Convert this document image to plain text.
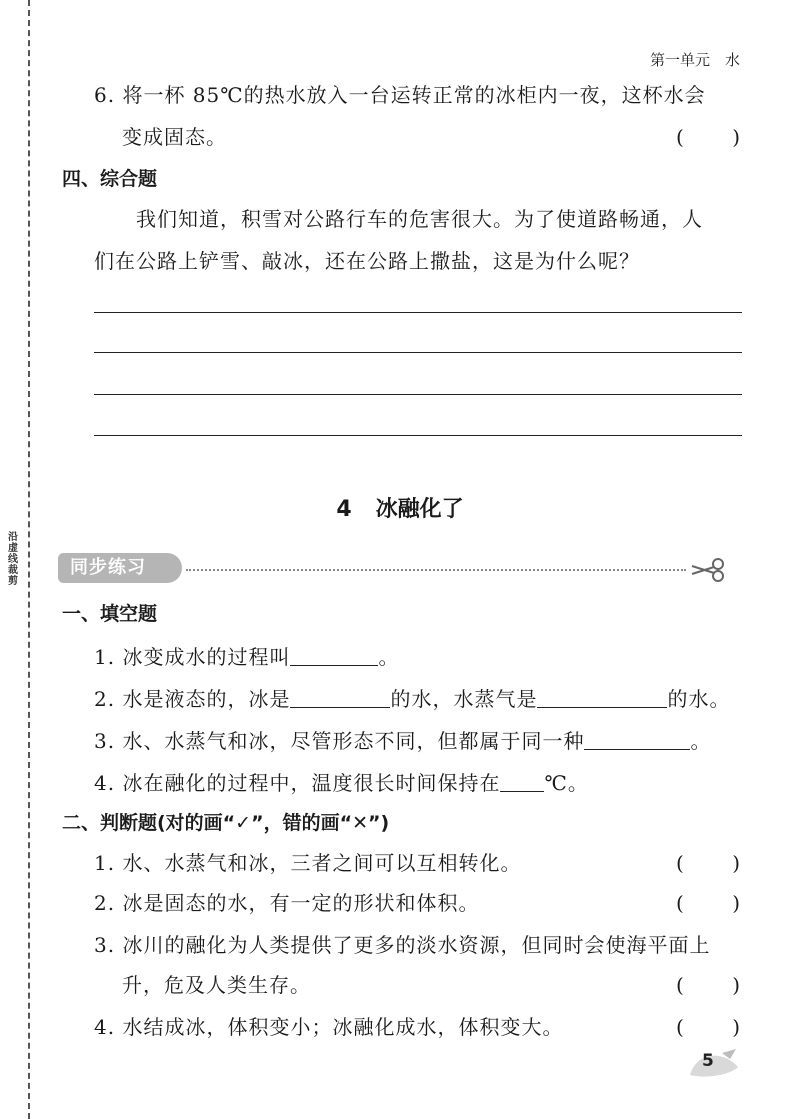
沿虚线裁剪
第一单元　水
6. 将一杯 85℃的热水放入一台运转正常的冰柜内一夜，这杯水会
变成固态。	( )
四、综合题
我们知道，积雪对公路行车的危害很大。为了使道路畅通，人
们在公路上铲雪、敲冰，还在公路上撒盐，这是为什么呢？
4 冰融化了
同步练习
一、填空题
1. 冰变成水的过程叫	。
2. 水是液态的，冰是	的水，水蒸气是	的水。
3. 水、水蒸气和冰，尽管形态不同，但都属于同一种	。
4. 冰在融化的过程中，温度很长时间保持在 ℃。
二、判断题(对的画“✓”，错的画“✕”)
1. 水、水蒸气和冰，三者之间可以互相转化。	( )
2. 冰是固态的水，有一定的形状和体积。	( )
3. 冰川的融化为人类提供了更多的淡水资源，但同时会使海平面上
升，危及人类生存。	( )
4. 水结成冰，体积变小；冰融化成水，体积变大。	( )
5
